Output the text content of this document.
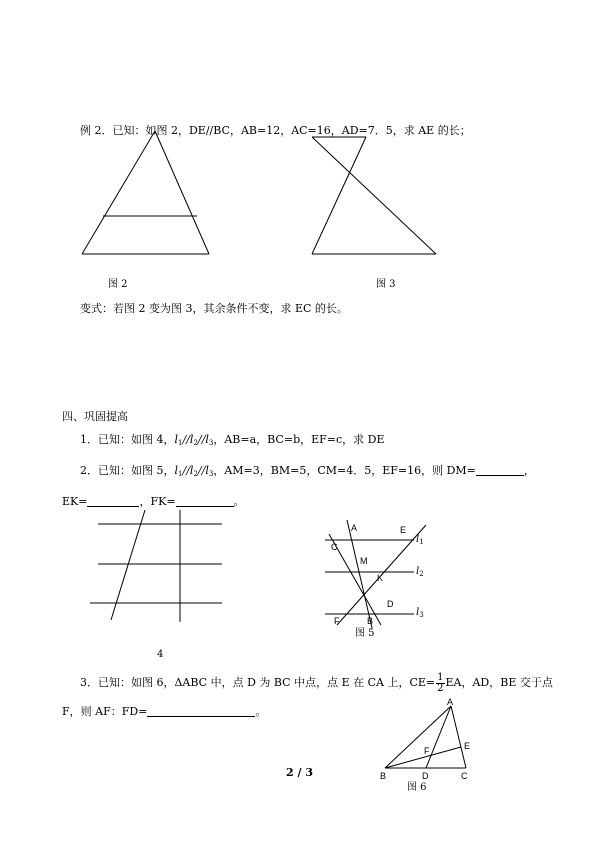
例 2．已知：如图 2，DE//BC，AB=12，AC=16，AD=7．5，求 AE 的长；
图 2	图 3
变式：若图 2 变为图 3，其余条件不变，求 EC 的长。
四、巩固提高
1．已知：如图 4，$l_1//l_2//l_3$，AB=a，BC=b，EF=c，求 DE
2．已知：如图 5，$l_1//l_2//l_3$，AM=3，BM=5，CM=4．5，EF=16，则 DM=	，
EK=	，FK=	。
4
A	E
C
M
K
D
F	B
$l_1$
$l_2$
$l_3$
图 5
3．已知：如图 6，ΔABC 中，点 D 为 BC 中点，点 E 在 CA 上，$CE= \frac{1}{2}$ EA，AD，BE 交于点
F，则 AF：FD=	。
A
E
F
B	D	C
图 6
2 / 3
